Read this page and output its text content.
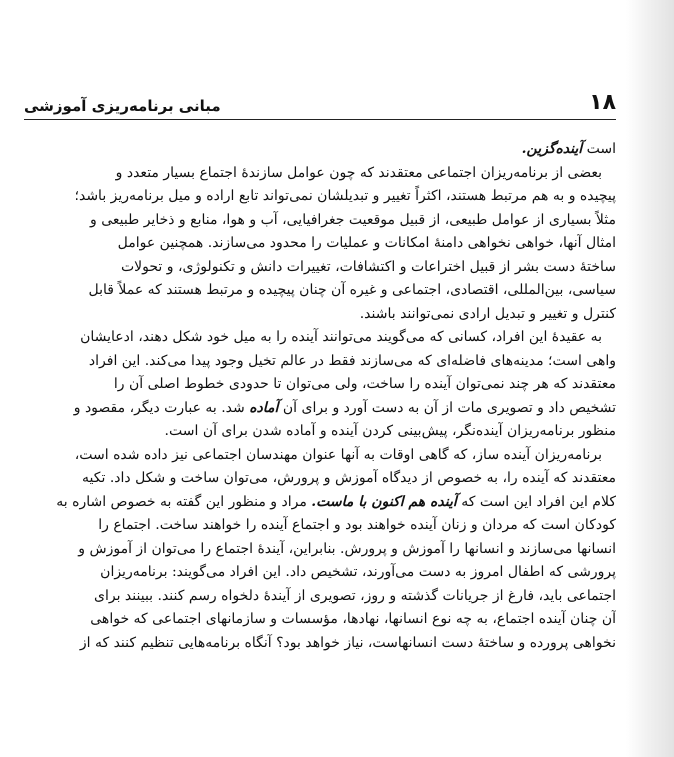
۱۸
مبانی برنامه‌ریزی آموزشی
است آینده‌گزین.
بعضی از برنامه‌ریزان اجتماعی معتقدند که چون عوامل سازندهٔ اجتماع بسیار متعدد و
پیچیده و به هم مرتبط هستند، اکثراً تغییر و تبدیلشان نمی‌تواند تابع اراده و میل برنامه‌ریز باشد؛
مثلاً بسیاری از عوامل طبیعی، از قبیل موقعیت جغرافیایی، آب و هوا، منابع و ذخایر طبیعی و
امثال آنها، خواهی نخواهی دامنهٔ امکانات و عملیات را محدود می‌سازند. همچنین عوامل
ساختهٔ دست بشر از قبیل اختراعات و اکتشافات، تغییرات دانش و تکنولوژی، و تحولات
سیاسی، بین‌المللی، اقتصادی، اجتماعی و غیره آن چنان پیچیده و مرتبط هستند که عملاً قابل
کنترل و تغییر و تبدیل ارادی نمی‌توانند باشند.
به عقیدهٔ این افراد، کسانی که می‌گویند می‌توانند آینده را به میل خود شکل دهند، ادعایشان
واهی است؛ مدینه‌های فاضله‌ای که می‌سازند فقط در عالم تخیل وجود پیدا می‌کند. این افراد
معتقدند که هر چند نمی‌توان آینده را ساخت، ولی می‌توان تا حدودی خطوط اصلی آن را
تشخیص داد و تصویری مات از آن به دست آورد و برای آن آماده شد. به عبارت دیگر، مقصود و
منظور برنامه‌ریزان آینده‌نگر، پیش‌بینی کردن آینده و آماده شدن برای آن است.
برنامه‌ریزان آینده ساز، که گاهی اوقات به آنها عنوان مهندسان اجتماعی نیز داده شده است،
معتقدند که آینده را، به خصوص از دیدگاه آموزش و پرورش، می‌توان ساخت و شکل داد. تکیه
کلام این افراد این است که آینده هم اکنون با ماست. مراد و منظور این گفته به خصوص اشاره به
کودکان است که مردان و زنان آینده خواهند بود و اجتماع آینده را خواهند ساخت. اجتماع را
انسانها می‌سازند و انسانها را آموزش و پرورش. بنابراین، آیندهٔ اجتماع را می‌توان از آموزش و
پرورشی که اطفال امروز به دست می‌آورند، تشخیص داد. این افراد می‌گویند: برنامه‌ریزان
اجتماعی باید، فارغ از جریانات گذشته و روز، تصویری از آیندهٔ دلخواه رسم کنند. ببینند برای
آن چنان آینده اجتماع، به چه نوع انسانها، نهادها، مؤسسات و سازمانهای اجتماعی که خواهی
نخواهی پرورده و ساختهٔ دست انسانهاست، نیاز خواهد بود؟ آنگاه برنامه‌هایی تنظیم کنند که از
